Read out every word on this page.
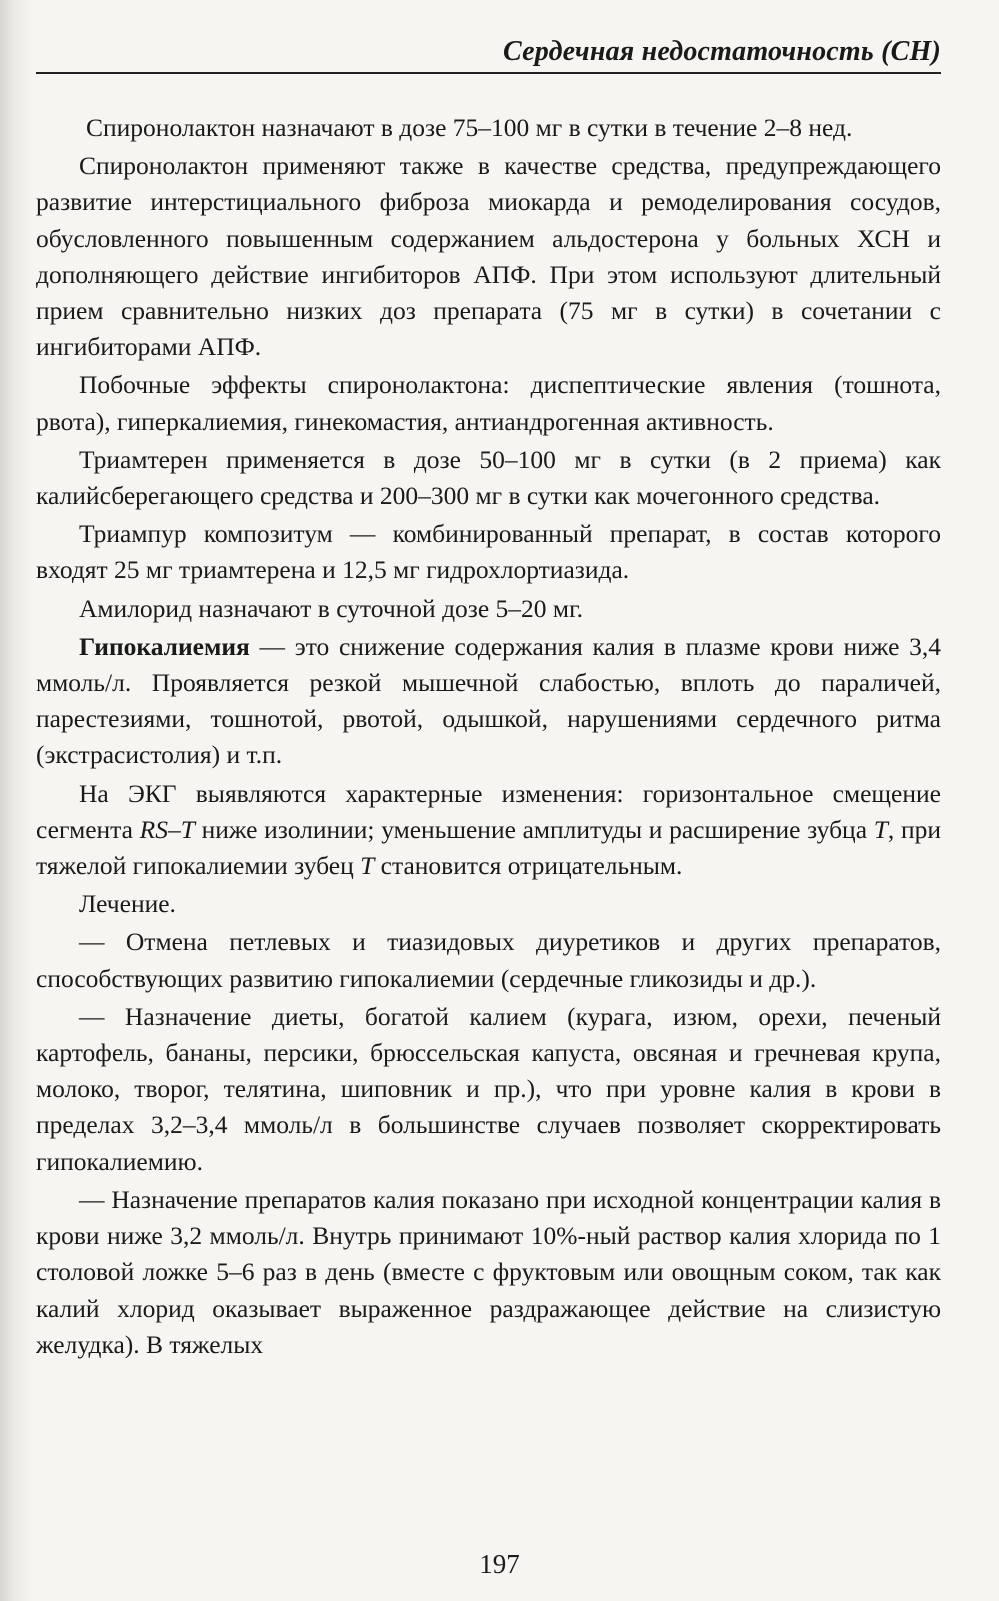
Сердечная недостаточность (СН)

Спиронолактон назначают в дозе 75–100 мг в сутки в течение 2–8 нед.

Спиронолактон применяют также в качестве средства, предупреждающего развитие интерстициального фиброза миокарда и ремоделирования сосудов, обусловленного повышенным содержанием альдостерона у больных ХСН и дополняющего действие ингибиторов АПФ. При этом используют длительный прием сравнительно низких доз препарата (75 мг в сутки) в сочетании с ингибиторами АПФ.

Побочные эффекты спиронолактона: диспептические явления (тошнота, рвота), гиперкалиемия, гинекомастия, антиандрогенная активность.

Триамтерен применяется в дозе 50–100 мг в сутки (в 2 приема) как калийсберегающего средства и 200–300 мг в сутки как мочегонного средства.

Триампур композитум — комбинированный препарат, в состав которого входят 25 мг триамтерена и 12,5 мг гидрохлортиазида.

Амилорид назначают в суточной дозе 5–20 мг.

Гипокалиемия — это снижение содержания калия в плазме крови ниже 3,4 ммоль/л. Проявляется резкой мышечной слабостью, вплоть до параличей, парестезиями, тошнотой, рвотой, одышкой, нарушениями сердечного ритма (экстрасистолия) и т.п.

На ЭКГ выявляются характерные изменения: горизонтальное смещение сегмента RS–T ниже изолинии; уменьшение амплитуды и расширение зубца T, при тяжелой гипокалиемии зубец T становится отрицательным.

Лечение.

— Отмена петлевых и тиазидовых диуретиков и других препаратов, способствующих развитию гипокалиемии (сердечные гликозиды и др.).

— Назначение диеты, богатой калием (курага, изюм, орехи, печеный картофель, бананы, персики, брюссельская капуста, овсяная и гречневая крупа, молоко, творог, телятина, шиповник и пр.), что при уровне калия в крови в пределах 3,2–3,4 ммоль/л в большинстве случаев позволяет скорректировать гипокалиемию.

— Назначение препаратов калия показано при исходной концентрации калия в крови ниже 3,2 ммоль/л. Внутрь принимают 10%-ный раствор калия хлорида по 1 столовой ложке 5–6 раз в день (вместе с фруктовым или овощным соком, так как калий хлорид оказывает выраженное раздражающее действие на слизистую желудка). В тяжелых

197
